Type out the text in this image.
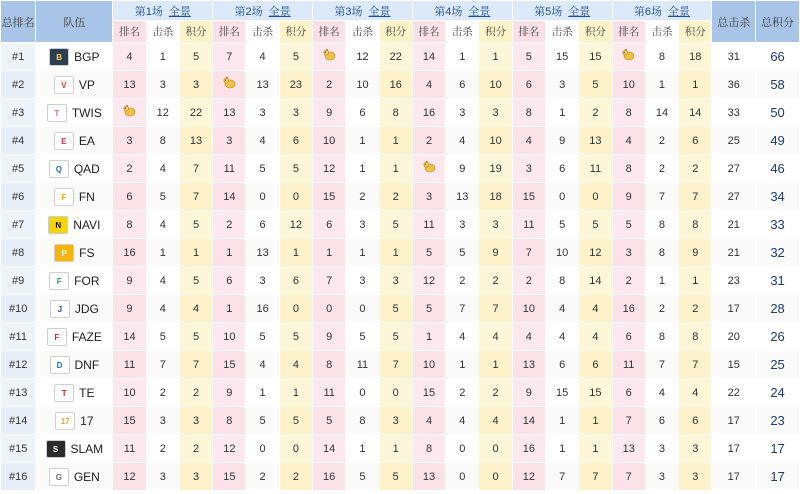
总排名	队伍	第1场 全景			第2场 全景			第3场 全景			第4场 全景			第5场 全景			第6场 全景			总击杀	总积分
		排名	击杀	积分	排名	击杀	积分	排名	击杀	积分	排名	击杀	积分	排名	击杀	积分	排名	击杀	积分		
#1	B BGP	4	1	5	7	4	5		12	22	14	1	1	5	15	15		8	18	31	66
#2	V VP	13	3	3		13	23	2	10	16	4	6	10	6	3	5	10	1	1	36	58
#3	T TWIS		12	22	13	3	3	9	6	8	16	3	3	8	1	2	8	14	14	33	50
#4	E EA	3	8	13	3	4	6	10	1	1	2	4	10	4	9	13	4	2	6	25	49
#5	Q QAD	2	4	7	11	5	5	12	1	1		9	19	3	6	11	8	2	2	27	46
#6	F FN	6	5	7	14	0	0	15	2	2	3	13	18	15	0	0	9	7	7	27	34
#7	N NAVI	8	4	5	2	6	12	6	3	5	11	3	3	11	5	5	5	8	8	21	33
#8	P FS	16	1	1	1	13	1	1	1	1	5	5	9	7	10	12	3	8	9	21	32
#9	F FOR	9	4	5	6	3	6	7	3	3	12	2	2	2	8	14	2	1	1	23	31
#10	J JDG	9	4	4	1	16	0	0	0	5	5	7	7	10	4	4	16	2	2	17	28
#11	F FAZE	14	5	5	10	5	5	9	5	5	1	4	4	4	4	4	6	8	8	20	26
#12	D DNF	11	7	7	15	4	4	8	11	7	10	1	1	13	6	6	11	7	7	15	25
#13	T TE	10	2	2	9	1	1	11	0	0	15	2	2	9	15	15	6	4	4	22	24
#14	17 17	15	3	3	8	5	5	5	8	3	4	4	4	14	1	1	7	6	6	17	23
#15	S SLAM	11	2	2	12	0	0	14	1	1	8	0	0	16	1	1	13	3	3	17	17
#16	G GEN	12	3	3	15	2	2	16	5	5	13	0	0	12	7	7	7	3	3	17	17
